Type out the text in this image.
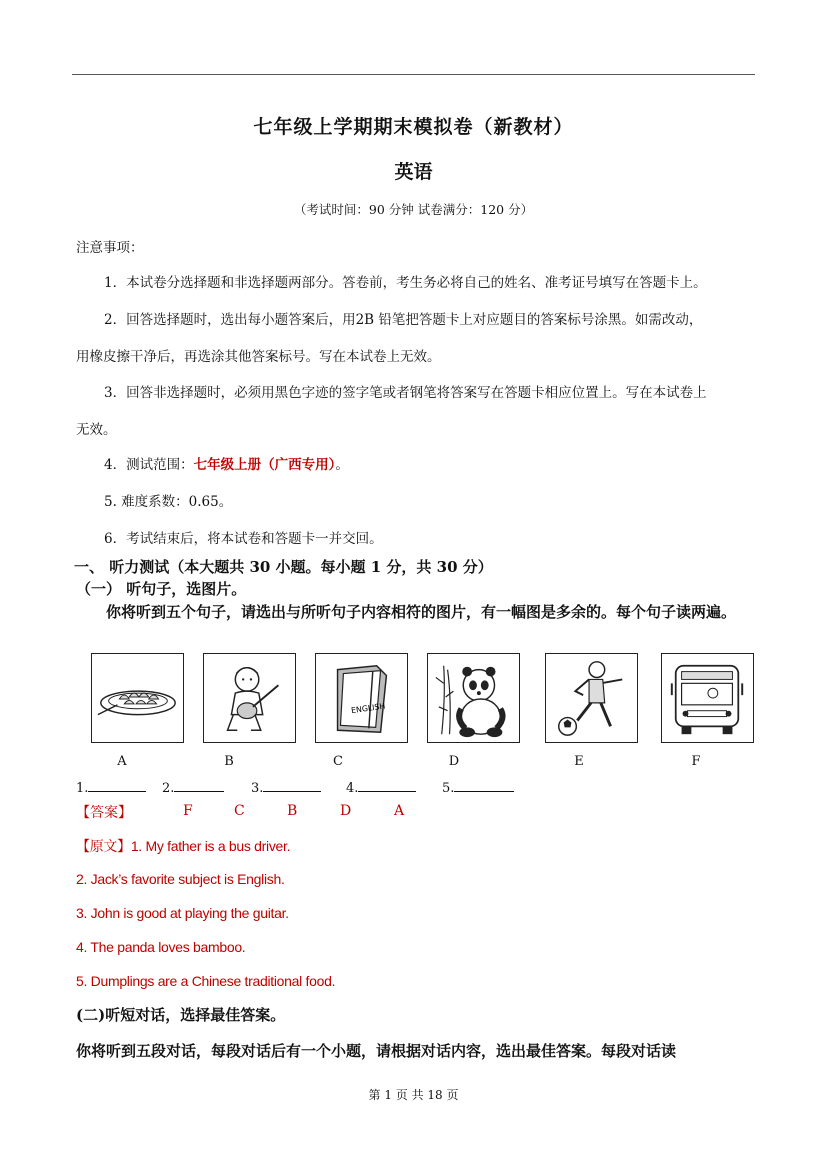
七年级上学期期末模拟卷（新教材）
英语
（考试时间：90 分钟 试卷满分：120 分）
注意事项：
1．本试卷分选择题和非选择题两部分。答卷前，考生务必将自己的姓名、准考证号填写在答题卡上。
2．回答选择题时，选出每小题答案后，用2B 铅笔把答题卡上对应题目的答案标号涂黑。如需改动，
用橡皮擦干净后，再选涂其他答案标号。写在本试卷上无效。
3．回答非选择题时，必须用黑色字迹的签字笔或者钢笔将答案写在答题卡相应位置上。写在本试卷上
无效。
4．测试范围：七年级上册（广西专用）。
5. 难度系数：0.65。
6．考试结束后，将本试卷和答题卡一并交回。
一、 听力测试（本大题共 30 小题。每小题 1 分，共 30 分）
（一） 听句子，选图片。
你将听到五个句子，请选出与所听句子内容相符的图片，有一幅图是多余的。每个句子读两遍。
ENGLISH
A	B	C	D	E	F
1.	2.	3.	4.	5.
【答案】	F	C	B	D	A
【原文】1. My father is a bus driver.
2. Jack’s favorite subject is English.
3. John is good at playing the guitar.
4. The panda loves bamboo.
5. Dumplings are a Chinese traditional food.
(二)听短对话，选择最佳答案。
你将听到五段对话，每段对话后有一个小题，请根据对话内容，选出最佳答案。每段对话读
第 1 页 共 18 页
